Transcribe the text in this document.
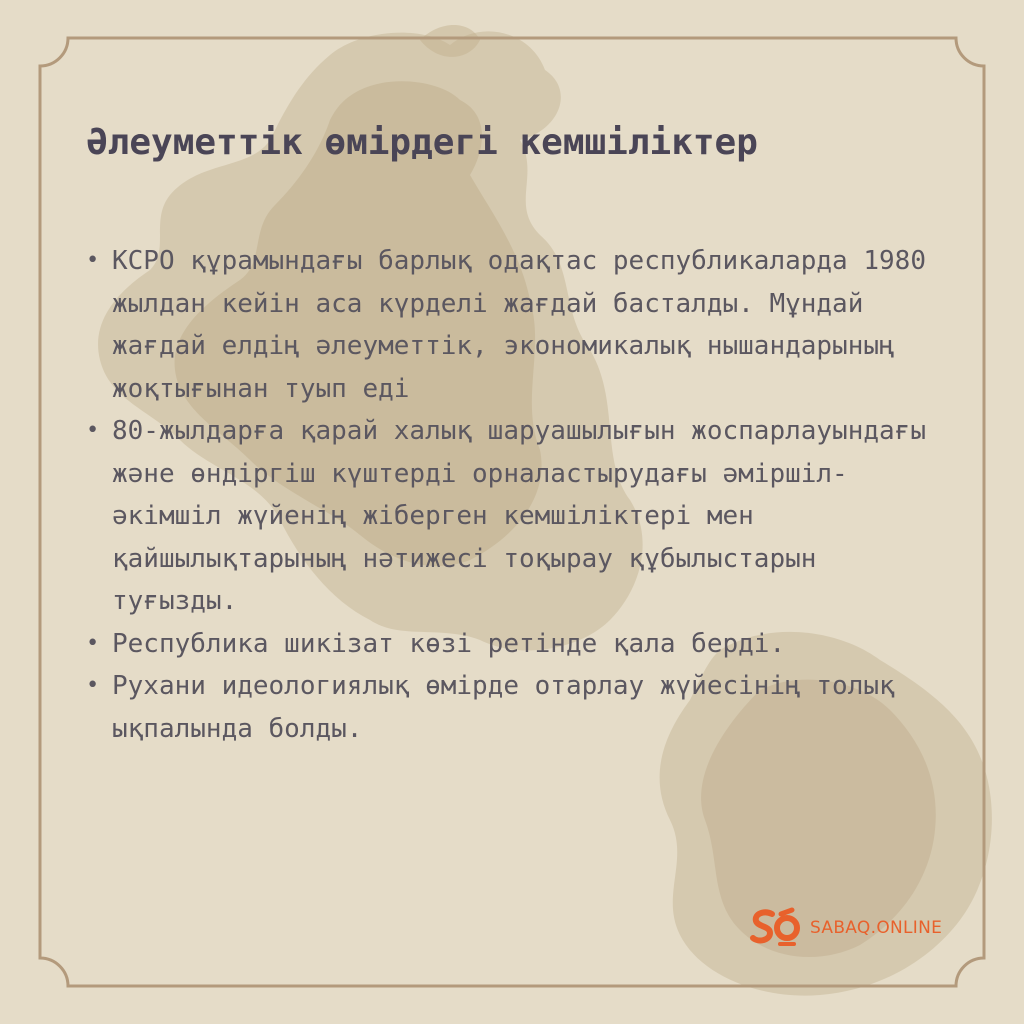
Әлеуметтік өмірдегі кемшіліктер
• КСРО құрамындағы барлық одақтас республикаларда 1980 жылдан кейін аса күрделі жағдай басталды. Мұндай жағдай елдің әлеуметтік, экономикалық нышандарының жоқтығынан туып еді
• 80-жылдарға қарай халық шаруашылығын жоспарлауындағы және өндіргіш күштерді орналастырудағы әміршіл-әкімшіл жүйенің жіберген кемшіліктері мен қайшылықтарының нәтижесі тоқырау құбылыстарын туғызды.
• Республика шикізат көзі ретінде қала берді.
• Рухани идеологиялық өмірде отарлау жүйесінің толық ықпалында болды.
SABAQ.ONLINE
